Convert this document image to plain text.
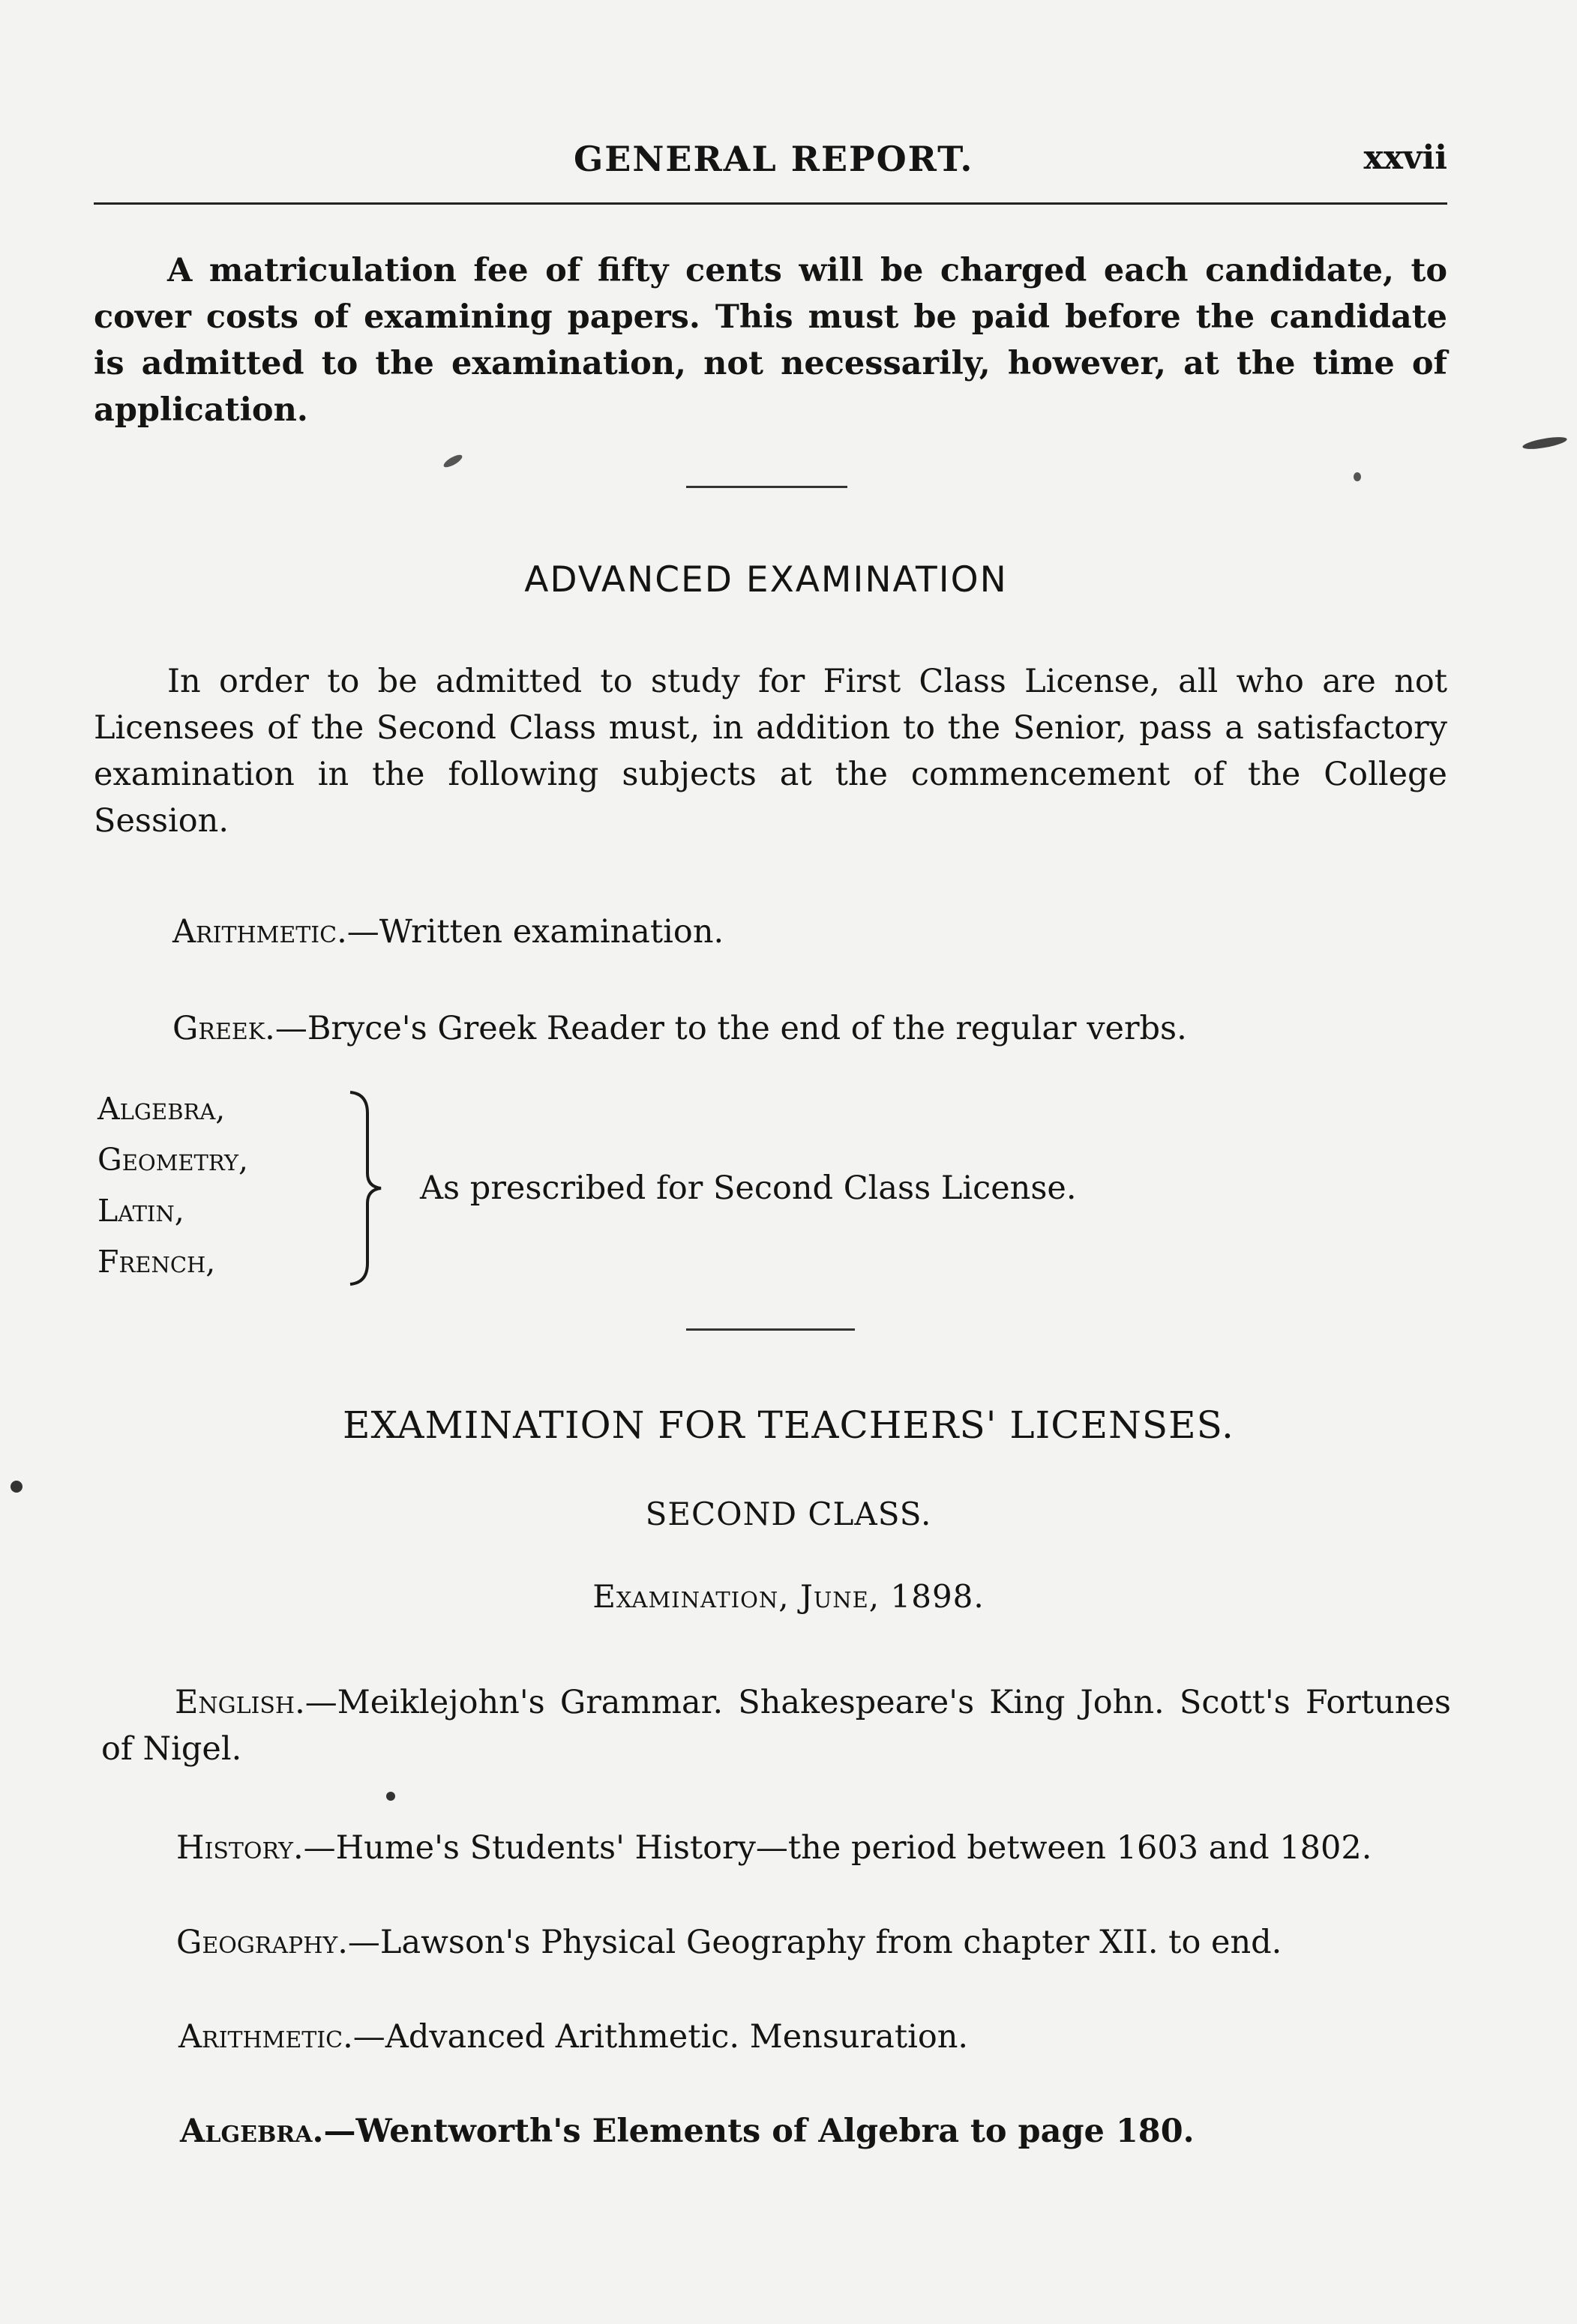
GENERAL REPORT.	xxvii

A matriculation fee of fifty cents will be charged each candidate, to cover costs of examining papers. This must be paid before the candidate is admitted to the examination, not necessarily, however, at the time of application.

ADVANCED EXAMINATION

In order to be admitted to study for First Class License, all who are not Licensees of the Second Class must, in addition to the Senior, pass a satisfactory examination in the following subjects at the commencement of the College Session.

Arithmetic.—Written examination.
Greek.—Bryce's Greek Reader to the end of the regular verbs.
Algebra,
Geometry,
Latin,
French,
As prescribed for Second Class License.
EXAMINATION FOR TEACHERS' LICENSES.
SECOND CLASS.
Examination, June, 1898.

English.—Meiklejohn's Grammar. Shakespeare's King John. Scott's Fortunes of Nigel.

History.—Hume's Students' History—the period between 1603 and 1802.
Geography.—Lawson's Physical Geography from chapter XII. to end.
Arithmetic.—Advanced Arithmetic. Mensuration.
Algebra.—Wentworth's Elements of Algebra to page 180.
